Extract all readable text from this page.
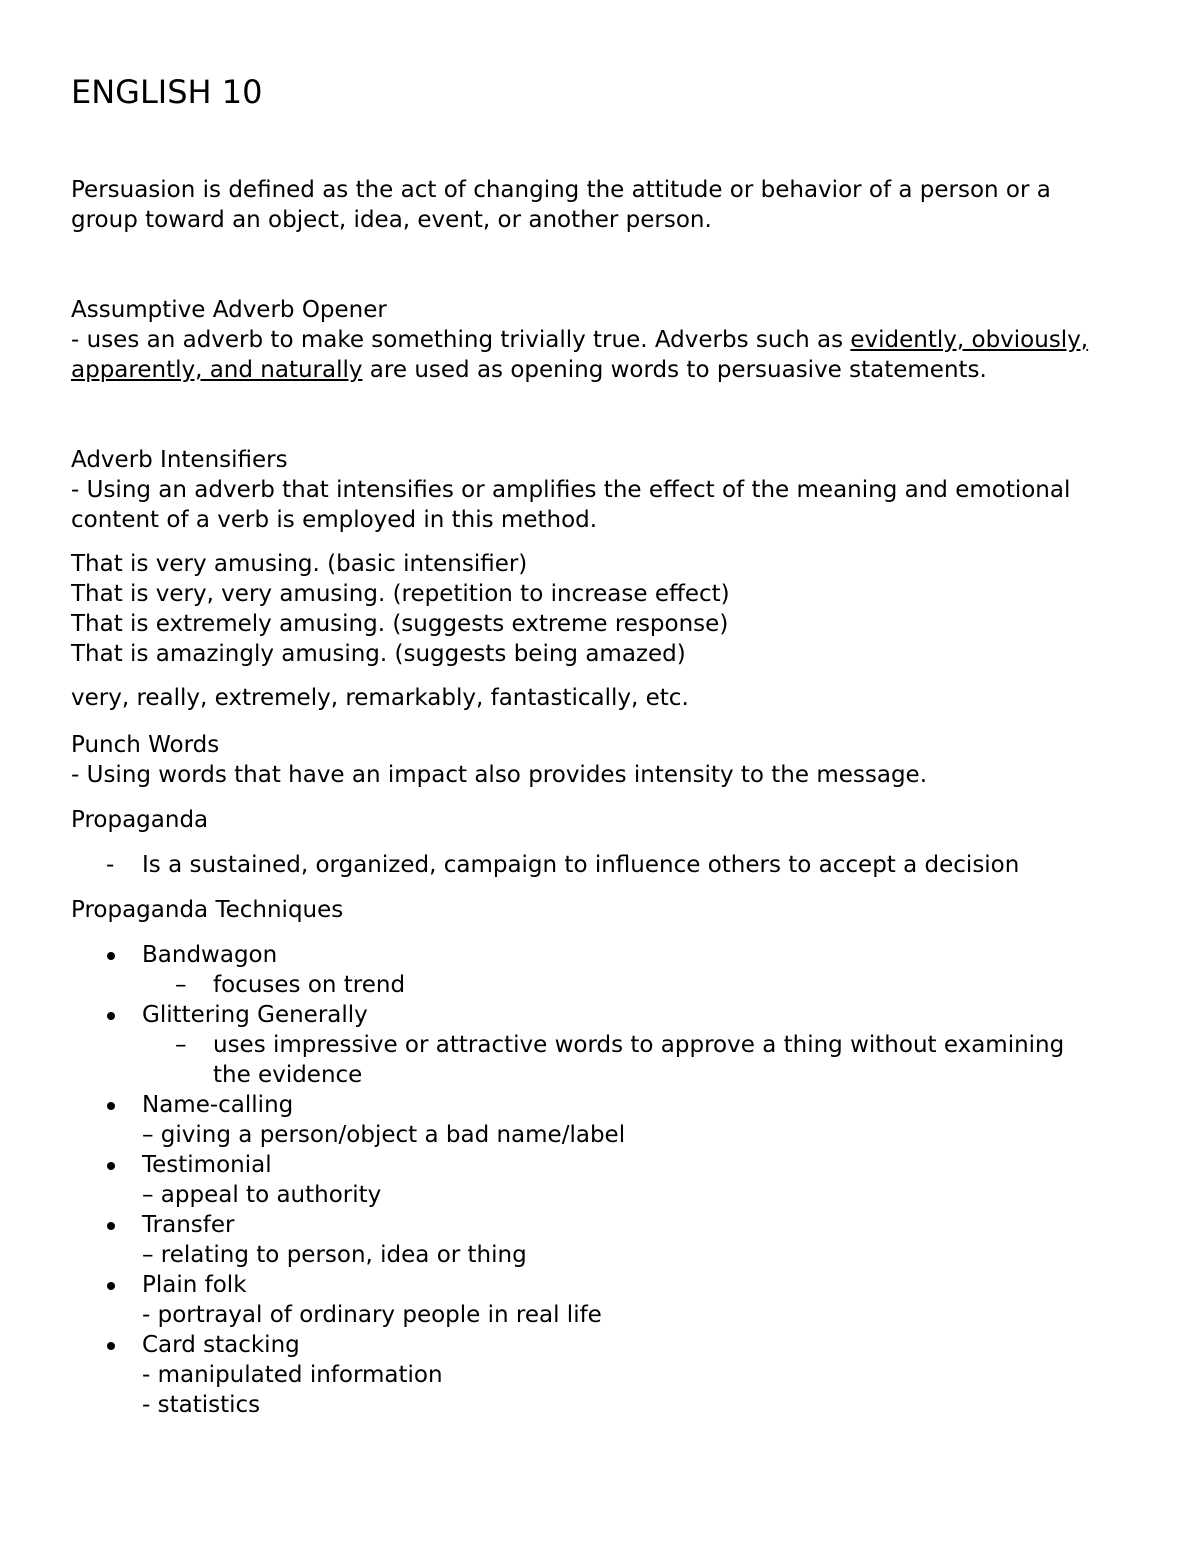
ENGLISH 10
Persuasion is defined as the act of changing the attitude or behavior of a person or a
group toward an object, idea, event, or another person.
Assumptive Adverb Opener
- uses an adverb to make something trivially true. Adverbs such as evidently, obviously,
apparently, and naturally are used as opening words to persuasive statements.
Adverb Intensifiers
- Using an adverb that intensifies or amplifies the effect of the meaning and emotional
content of a verb is employed in this method.
That is very amusing. (basic intensifier)
That is very, very amusing. (repetition to increase effect)
That is extremely amusing. (suggests extreme response)
That is amazingly amusing. (suggests being amazed)
very, really, extremely, remarkably, fantastically, etc.
Punch Words
- Using words that have an impact also provides intensity to the message.
Propaganda
- Is a sustained, organized, campaign to influence others to accept a decision
Propaganda Techniques
Bandwagon
– focuses on trend
Glittering Generally
– uses impressive or attractive words to approve a thing without examining
the evidence
Name-calling
– giving a person/object a bad name/label
Testimonial
– appeal to authority
Transfer
– relating to person, idea or thing
Plain folk
- portrayal of ordinary people in real life
Card stacking
- manipulated information
- statistics
